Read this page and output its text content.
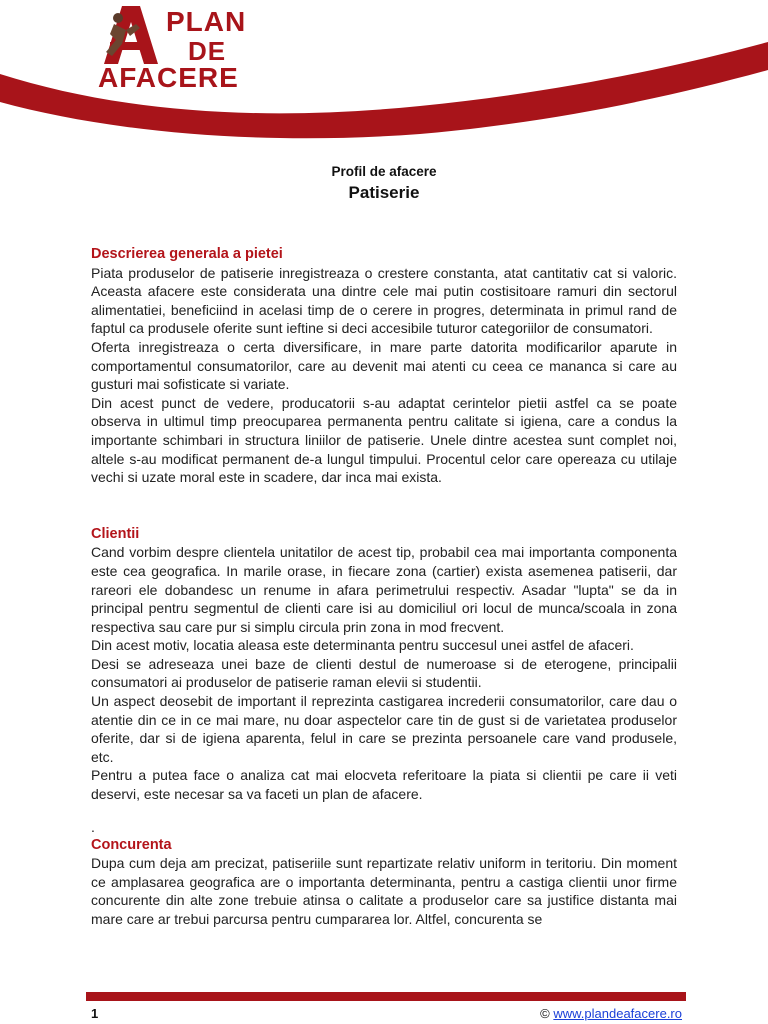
PLAN
DE
AFACERE
Profil de afacere
Patiserie
Descrierea generala a pietei

Piata produselor de patiserie inregistreaza o crestere constanta, atat cantitativ cat si valoric. Aceasta afacere este considerata una dintre cele mai putin costisitoare ramuri din sectorul alimentatiei, beneficiind in acelasi timp de o cerere in progres, determinata in primul rand de faptul ca produsele oferite sunt ieftine si deci accesibile tuturor categoriilor de consumatori.

Oferta inregistreaza o certa diversificare, in mare parte datorita modificarilor aparute in comportamentul consumatorilor, care au devenit mai atenti cu ceea ce mananca si care au gusturi mai sofisticate si variate.

Din acest punct de vedere, producatorii s-au adaptat cerintelor pietii astfel ca se poate observa in ultimul timp preocuparea permanenta pentru calitate si igiena, care a condus la importante schimbari in structura liniilor de patiserie. Unele dintre acestea sunt complet noi, altele s-au modificat permanent de-a lungul timpului. Procentul celor care opereaza cu utilaje vechi si uzate moral este in scadere, dar inca mai exista.

Clientii

Cand vorbim despre clientela unitatilor de acest tip, probabil cea mai importanta componenta este cea geografica. In marile orase, in fiecare zona (cartier) exista asemenea patiserii, dar rareori ele dobandesc un renume in afara perimetrului respectiv. Asadar "lupta" se da in principal pentru segmentul de clienti care isi au domiciliul ori locul de munca/scoala in zona respectiva sau care pur si simplu circula prin zona in mod frecvent.

Din acest motiv, locatia aleasa este determinanta pentru succesul unei astfel de afaceri.

Desi se adreseaza unei baze de clienti destul de numeroase si de eterogene, principalii consumatori ai produselor de patiserie raman elevii si studentii.

Un aspect deosebit de important il reprezinta castigarea increderii consumatorilor, care dau o atentie din ce in ce mai mare, nu doar aspectelor care tin de gust si de varietatea produselor oferite, dar si de igiena aparenta, felul in care se prezinta persoanele care vand produsele, etc.

Pentru a putea face o analiza cat mai elocveta referitoare la piata si clientii pe care ii veti deservi, este necesar sa va faceti un plan de afacere.

.
Concurenta

Dupa cum deja am precizat, patiseriile sunt repartizate relativ uniform in teritoriu. Din moment ce amplasarea geografica are o importanta determinanta, pentru a castiga clientii unor firme concurente din alte zone trebuie atinsa o calitate a produselor care sa justifice distanta mai mare care ar trebui parcursa pentru cumpararea lor. Altfel, concurenta se

1	© www.plandeafacere.ro
